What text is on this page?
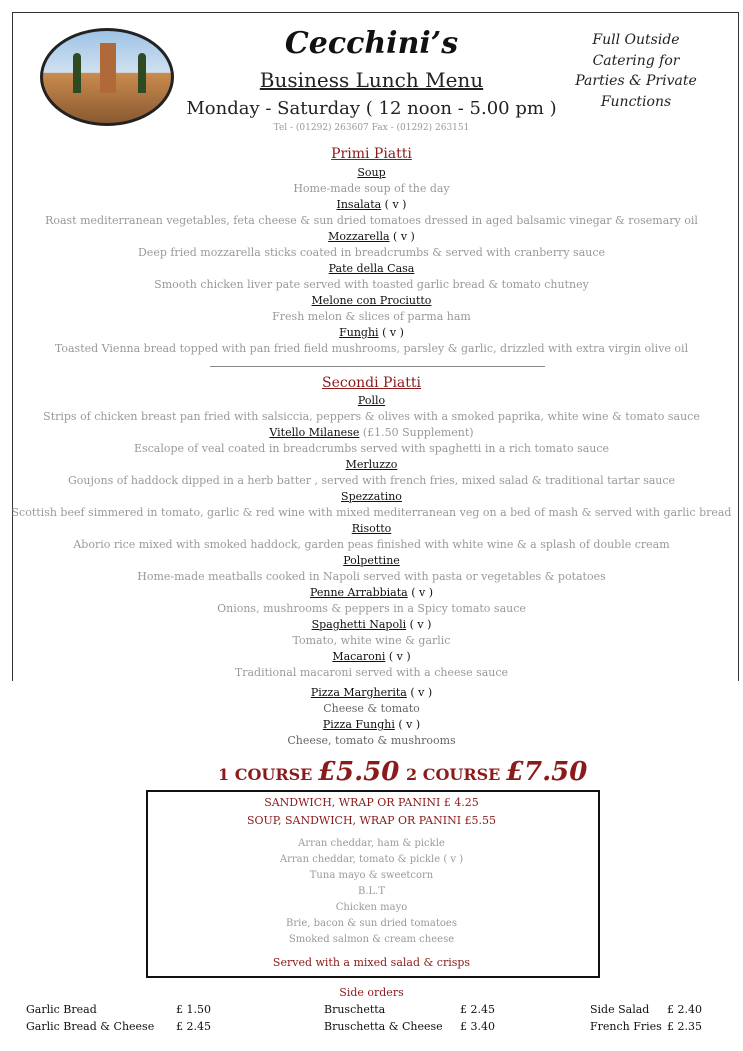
Cecchini’s
Business Lunch Menu
Monday - Saturday ( 12 noon - 5.00 pm )
Tel - (01292) 263607 Fax - (01292) 263151
Full Outside
Catering for
Parties & Private
Functions
Primi Piatti
Soup
Home-made soup of the day
Insalata ( v )
Roast mediterranean vegetables, feta cheese & sun dried tomatoes dressed in aged balsamic vinegar & rosemary oil
Mozzarella ( v )
Deep fried mozzarella sticks coated in breadcrumbs & served with cranberry sauce
Pate della Casa
Smooth chicken liver pate served with toasted garlic bread & tomato chutney
Melone con Prociutto
Fresh melon & slices of parma ham
Funghi ( v )
Toasted Vienna bread topped with pan fried field mushrooms, parsley & garlic, drizzled with extra virgin olive oil
Secondi Piatti
Pollo
Strips of chicken breast pan fried with salsiccia, peppers & olives with a smoked paprika, white wine & tomato sauce
Vitello Milanese (£1.50 Supplement)
Escalope of veal coated in breadcrumbs served with spaghetti in a rich tomato sauce
Merluzzo
Goujons of haddock dipped in a herb batter , served with french fries, mixed salad & traditional tartar sauce
Spezzatino
Scottish beef simmered in tomato, garlic & red wine with mixed mediterranean veg on a bed of mash & served with garlic bread
Risotto
Aborio rice mixed with smoked haddock, garden peas finished with white wine & a splash of double cream
Polpettine
Home-made meatballs cooked in Napoli served with pasta or vegetables & potatoes
Penne Arrabbiata ( v )
Onions, mushrooms & peppers in a Spicy tomato sauce
Spaghetti Napoli ( v )
Tomato, white wine & garlic
Macaroni ( v )
Traditional macaroni served with a cheese sauce
Pizza Margherita ( v )
Cheese & tomato
Pizza Funghi ( v )
Cheese, tomato & mushrooms
1 COURSE £5.50 2 COURSE £7.50
SANDWICH, WRAP OR PANINI £ 4.25
SOUP, SANDWICH, WRAP OR PANINI £5.55
Arran cheddar, ham & pickle
Arran cheddar, tomato & pickle ( v )
Tuna mayo & sweetcorn
B.L.T
Chicken mayo
Brie, bacon & sun dried tomatoes
Smoked salmon & cream cheese
Served with a mixed salad & crisps
Side orders
Garlic Bread	£ 1.50	Bruschetta	£ 2.45	Side Salad £ 2.40
Garlic Bread & Cheese £ 2.45	Bruschetta & Cheese £ 3.40	French Fries £ 2.35
